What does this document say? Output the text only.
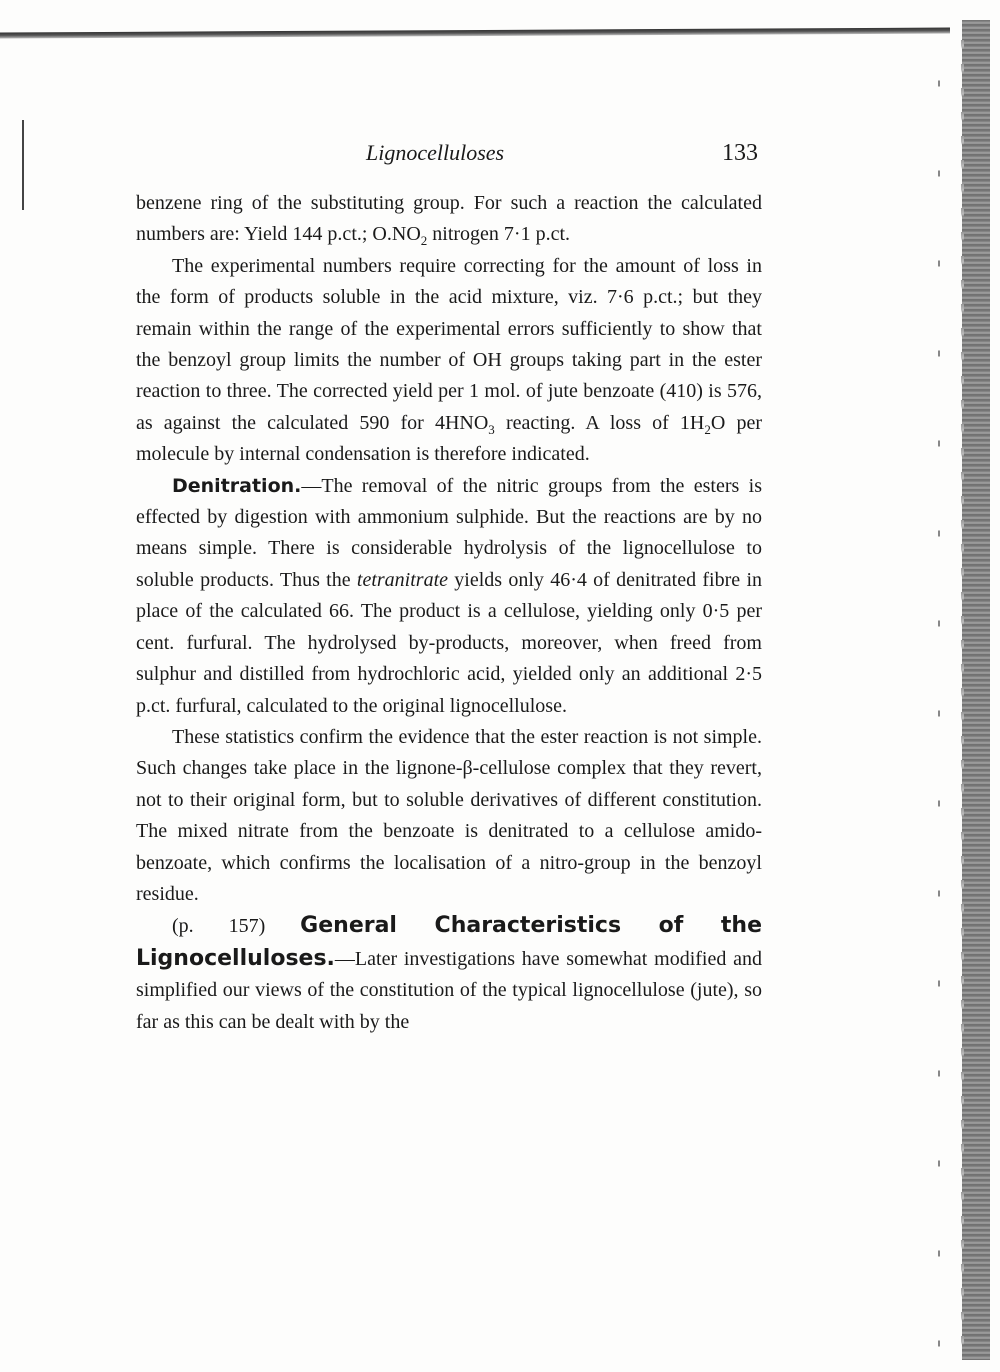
Lignocelluloses	133

benzene ring of the substituting group. For such a reaction the calculated numbers are: Yield 144 p.ct.; $O.NO_2$ nitrogen 7·1 p.ct.

The experimental numbers require correcting for the amount of loss in the form of products soluble in the acid mixture, viz. 7·6 p.ct.; but they remain within the range of the experimental errors sufficiently to show that the benzoyl group limits the number of OH groups taking part in the ester reaction to three. The corrected yield per 1 mol. of jute benzoate (410) is 576, as against the calculated 590 for $4HNO_3$ reacting. A loss of $1H_2O$ per molecule by internal condensation is therefore indicated.

Denitration.—The removal of the nitric groups from the esters is effected by digestion with ammonium sulphide. But the reactions are by no means simple. There is considerable hydrolysis of the lignocellulose to soluble products. Thus the tetranitrate yields only 46·4 of denitrated fibre in place of the calculated 66. The product is a cellulose, yielding only 0·5 per cent. furfural. The hydrolysed by-products, moreover, when freed from sulphur and distilled from hydrochloric acid, yielded only an additional 2·5 p.ct. furfural, calculated to the original lignocellulose.

These statistics confirm the evidence that the ester reaction is not simple. Such changes take place in the lignone-β-cellulose complex that they revert, not to their original form, but to soluble derivatives of different constitution. The mixed nitrate from the benzoate is denitrated to a cellulose amido-benzoate, which confirms the localisation of a nitro-group in the benzoyl residue.

(p. 157) General Characteristics of the Lignocelluloses.—Later investigations have somewhat modified and simplified our views of the constitution of the typical lignocellulose (jute), so far as this can be dealt with by the
